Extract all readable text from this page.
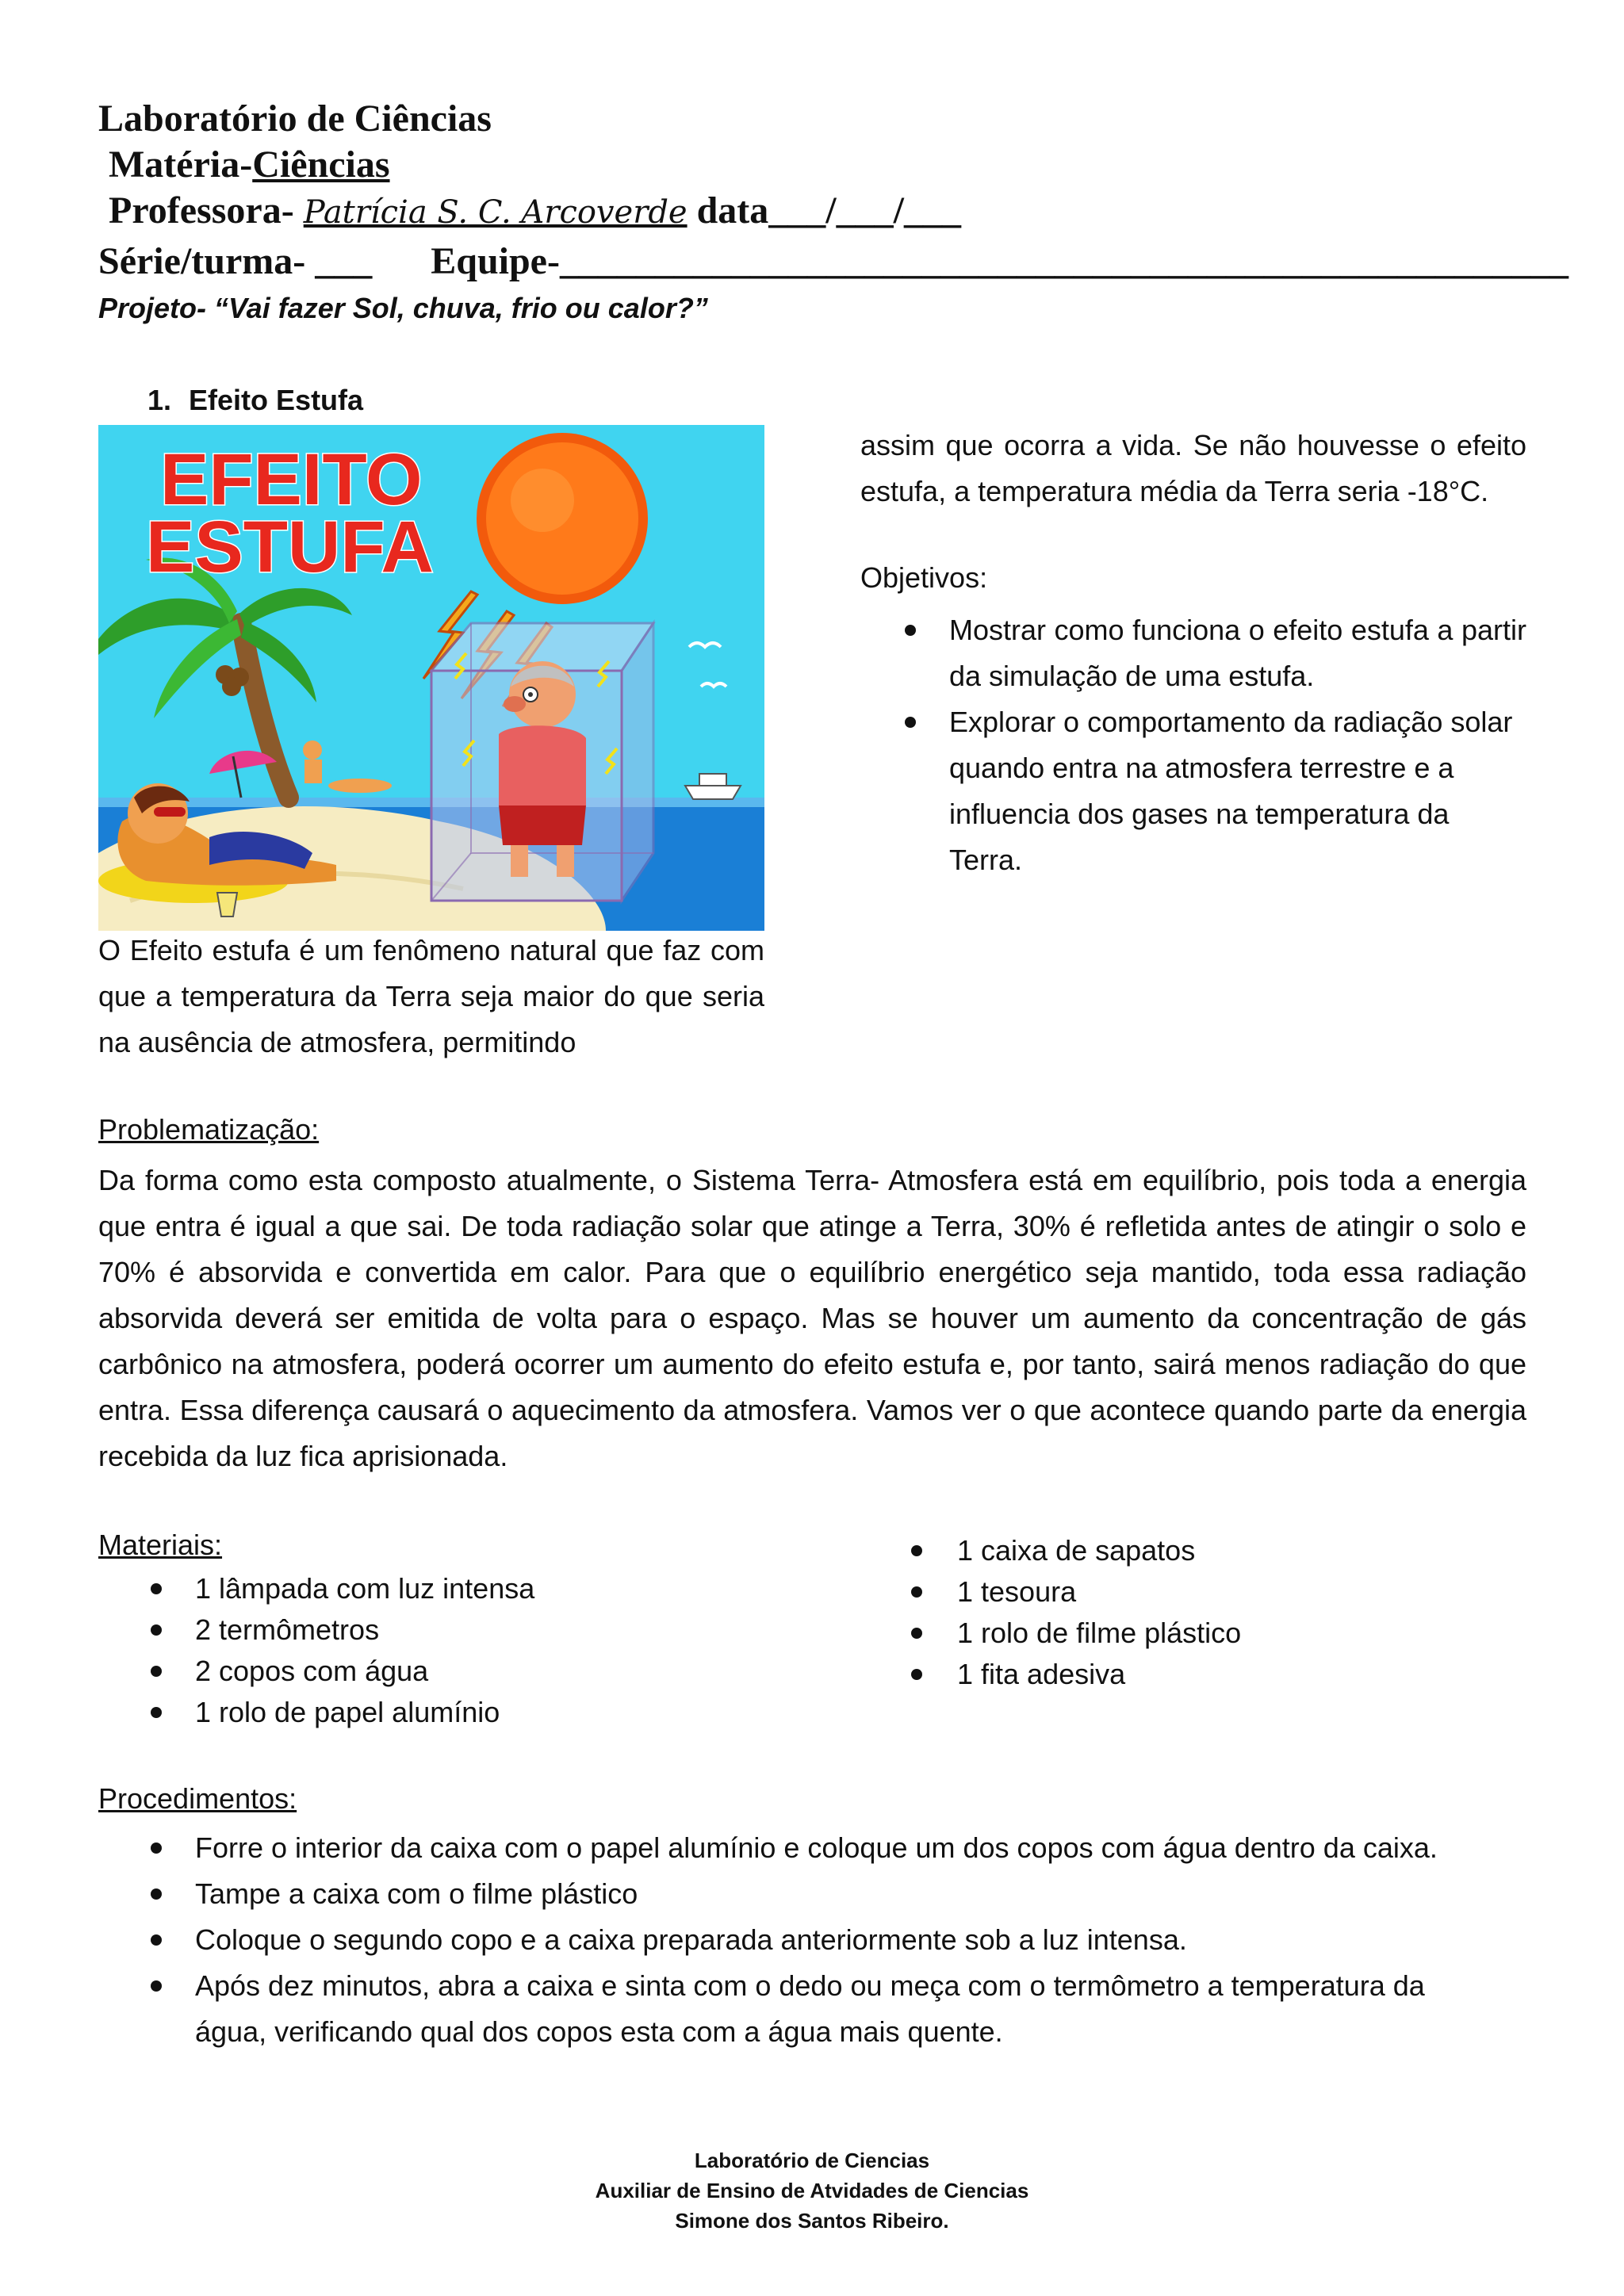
Laboratório de Ciências
Matéria-Ciências
Professora- Patrícia S. C. Arcoverde data___/___/___
Série/turma- ___ Equipe-_____________________________________________________
Projeto- “Vai fazer Sol, chuva, frio ou calor?”
1. Efeito Estufa
EFEITO
ESTUFA
O Efeito estufa é um fenômeno natural que faz com que a temperatura da Terra seja maior do que seria na ausência de atmosfera, permitindo
assim que ocorra a vida. Se não houvesse o efeito estufa, a temperatura média da Terra seria -18°C.
Objetivos:
Mostrar como funciona o efeito estufa a partir da simulação de uma estufa.
Explorar o comportamento da radiação solar quando entra na atmosfera terrestre e a influencia dos gases na temperatura da Terra.
Problematização:
Da forma como esta composto atualmente, o Sistema Terra- Atmosfera está em equilíbrio, pois toda a energia que entra é igual a que sai. De toda radiação solar que atinge a Terra, 30% é refletida antes de atingir o solo e 70% é absorvida e convertida em calor. Para que o equilíbrio energético seja mantido, toda essa radiação absorvida deverá ser emitida de volta para o espaço. Mas se houver um aumento da concentração de gás carbônico na atmosfera, poderá ocorrer um aumento do efeito estufa e, por tanto, sairá menos radiação do que entra. Essa diferença causará o aquecimento da atmosfera. Vamos ver o que acontece quando parte da energia recebida da luz fica aprisionada.
Materiais:
1 lâmpada com luz intensa
2 termômetros
2 copos com água
1 rolo de papel alumínio
1 caixa de sapatos
1 tesoura
1 rolo de filme plástico
1 fita adesiva
Procedimentos:
Forre o interior da caixa com o papel alumínio e coloque um dos copos com água dentro da caixa.
Tampe a caixa com o filme plástico
Coloque o segundo copo e a caixa preparada anteriormente sob a luz intensa.
Após dez minutos, abra a caixa e sinta com o dedo ou meça com o termômetro a temperatura da água, verificando qual dos copos esta com a água mais quente.
Laboratório de Ciencias
Auxiliar de Ensino de Atvidades de Ciencias
Simone dos Santos Ribeiro.
